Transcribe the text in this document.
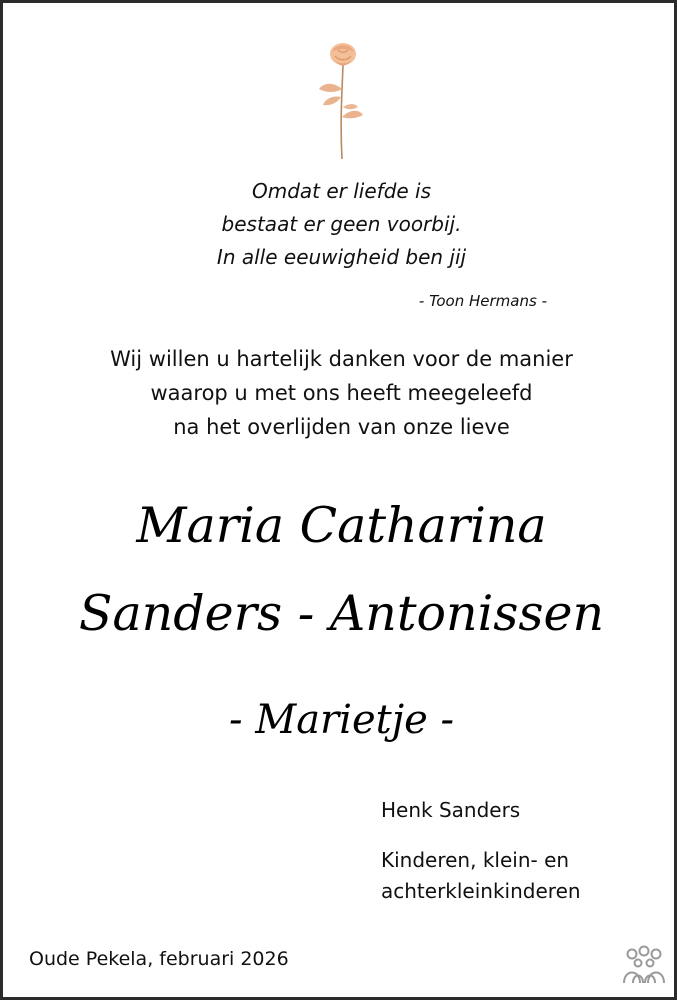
Omdat er liefde is
bestaat er geen voorbij.
In alle eeuwigheid ben jij
- Toon Hermans -
Wij willen u hartelijk danken voor de manier
waarop u met ons heeft meegeleefd
na het overlijden van onze lieve
Maria Catharina
Sanders - Antonissen
- Marietje -
Henk Sanders
Kinderen, klein- en
achterkleinkinderen
Oude Pekela, februari 2026
